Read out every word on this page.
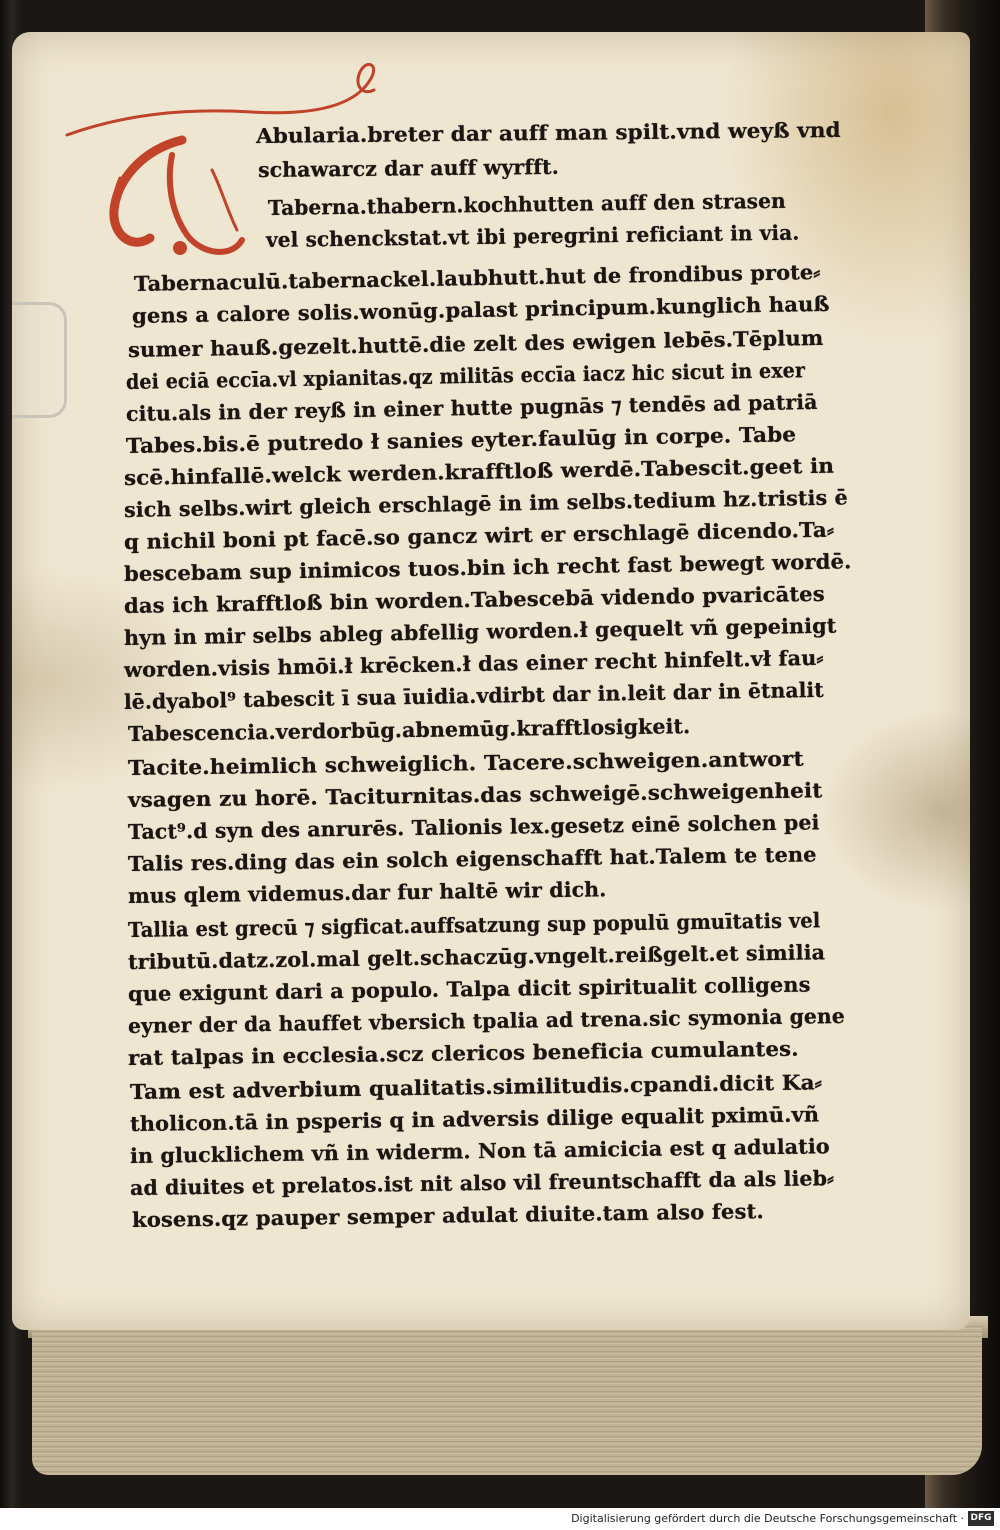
Abularia.breter dar auff man spilt.vnd weyß vnd
schawarcz dar auff wyrfft.
Taberna.thabern.kochhutten auff den strasen
vel schenckstat.vt ibi peregrini reficiant in via.
Tabernaculū.tabernackel.laubhutt.hut de frondibus prote⸗
gens a calore solis.wonūg.palast principum.kunglich hauß
sumer hauß.gezelt.huttē.die zelt des ewigen lebēs.Tēplum
dei eciā eccīa.vl xpianitas.qz militās eccīa iacz hic sicut in exer
citu.als in der reyß in einer hutte pugnās ⁊ tendēs ad patriā
Tabes.bis.ē putredo ł sanies eyter.faulūg in corpe. Tabe
scē.hinfallē.welck werden.krafftloß werdē.Tabescit.geet in
sich selbs.wirt gleich erschlagē in im selbs.tedium hz.tristis ē
q nichil boni pt facē.so gancz wirt er erschlagē dicendo.Ta⸗
bescebam sup inimicos tuos.bin ich recht fast bewegt wordē.
das ich krafftloß bin worden.Tabescebā videndo pvaricātes
hyn in mir selbs ableg abfellig worden.ł gequelt vñ gepeinigt
worden.visis hmōi.ł krēcken.ł das einer recht hinfelt.vł fau⸗
lē.dyabol⁹ tabescit ī sua īuidia.vdirbt dar in.leit dar in ētnalit
Tabescencia.verdorbūg.abnemūg.krafftlosigkeit.
Tacite.heimlich schweiglich. Tacere.schweigen.antwort
vsagen zu horē. Taciturnitas.das schweigē.schweigenheit
Tact⁹.d syn des anrurēs. Talionis lex.gesetz einē solchen pei
Talis res.ding das ein solch eigenschafft hat.Talem te tene
mus qlem videmus.dar fur haltē wir dich.
Tallia est grecū ⁊ sigficat.auffsatzung sup populū gmuītatis vel
tributū.datz.zol.mal gelt.schaczūg.vngelt.reißgelt.et similia
que exigunt dari a populo. Talpa dicit spiritualit colligens
eyner der da hauffet vbersich tpalia ad trena.sic symonia gene
rat talpas in ecclesia.scz clericos beneficia cumulantes.
Tam est adverbium qualitatis.similitudis.cpandi.dicit Ka⸗
tholicon.tā in psperis q in adversis dilige equalit pximū.vñ
in glucklichem vñ in widerm. Non tā amicicia est q adulatio
ad diuites et prelatos.ist nit also vil freuntschafft da als lieb⸗
kosens.qz pauper semper adulat diuite.tam also fest.
Digitalisierung gefördert durch die Deutsche Forschungsgemeinschaft · DFG
